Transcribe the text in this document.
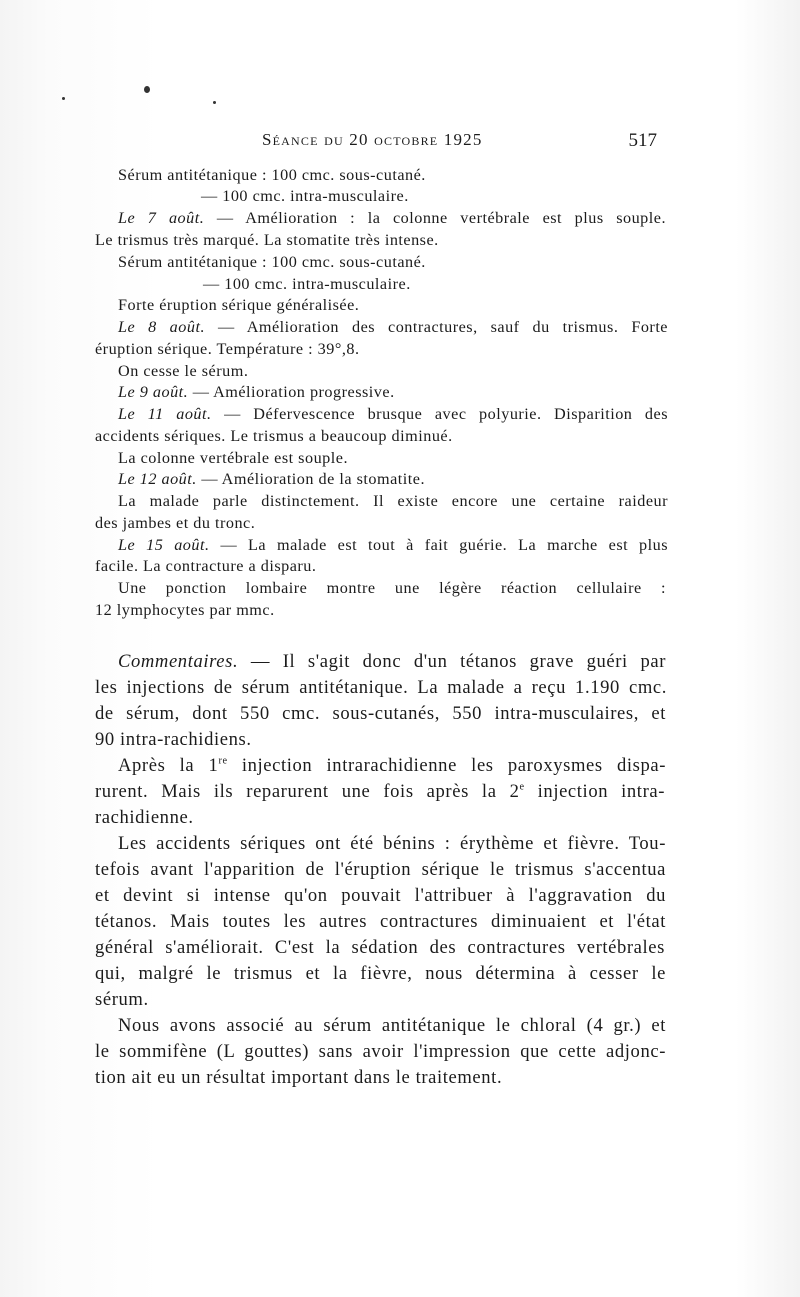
Séance du 20 octobre 1925	517
Sérum antitétanique : 100 cmc. sous-cutané.
— 100 cmc. intra-musculaire.
Le 7 août. — Amélioration : la colonne vertébrale est plus souple.
Le trismus très marqué. La stomatite très intense.
Sérum antitétanique : 100 cmc. sous-cutané.
— 100 cmc. intra-musculaire.
Forte éruption sérique généralisée.
Le 8 août. — Amélioration des contractures, sauf du trismus. Forte
éruption sérique. Température : 39°,8.
On cesse le sérum.
Le 9 août. — Amélioration progressive.
Le 11 août. — Défervescence brusque avec polyurie. Disparition des
accidents sériques. Le trismus a beaucoup diminué.
La colonne vertébrale est souple.
Le 12 août. — Amélioration de la stomatite.
La malade parle distinctement. Il existe encore une certaine raideur
des jambes et du tronc.
Le 15 août. — La malade est tout à fait guérie. La marche est plus
facile. La contracture a disparu.
Une ponction lombaire montre une légère réaction cellulaire :
12 lymphocytes par mmc.
Commentaires. — Il s'agit donc d'un tétanos grave guéri par
les injections de sérum antitétanique. La malade a reçu 1.190 cmc.
de sérum, dont 550 cmc. sous-cutanés, 550 intra-musculaires, et
90 intra-rachidiens.
Après la 1re injection intrarachidienne les paroxysmes dispa-
rurent. Mais ils reparurent une fois après la 2e injection intra-
rachidienne.
Les accidents sériques ont été bénins : érythème et fièvre. Tou-
tefois avant l'apparition de l'éruption sérique le trismus s'accentua
et devint si intense qu'on pouvait l'attribuer à l'aggravation du
tétanos. Mais toutes les autres contractures diminuaient et l'état
général s'améliorait. C'est la sédation des contractures vertébrales
qui, malgré le trismus et la fièvre, nous détermina à cesser le
sérum.
Nous avons associé au sérum antitétanique le chloral (4 gr.) et
le sommifène (L gouttes) sans avoir l'impression que cette adjonc-
tion ait eu un résultat important dans le traitement.
